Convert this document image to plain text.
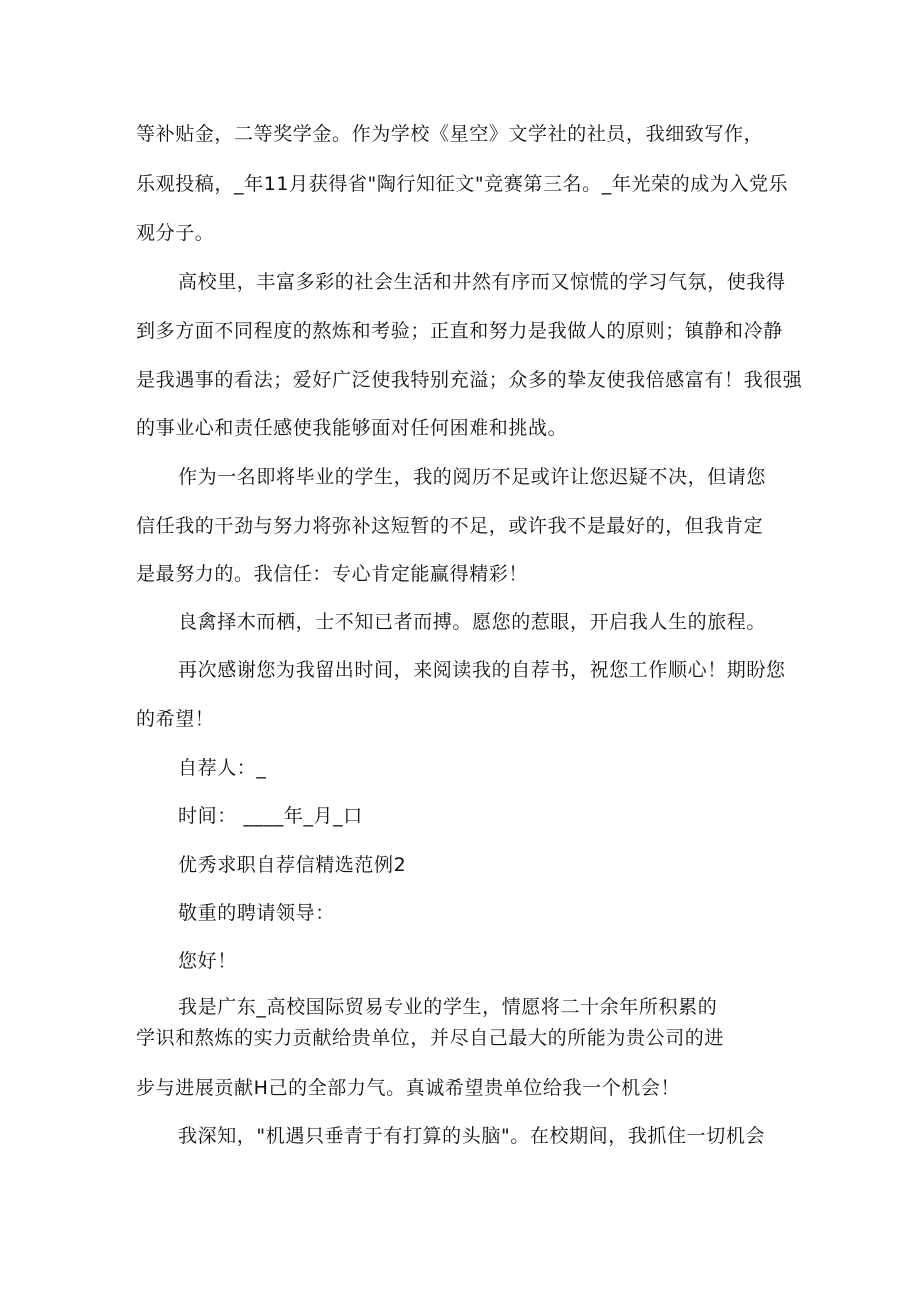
等补贴金，二等奖学金。作为学校《星空》文学社的社员，我细致写作，
乐观投稿，_年11月获得省"陶行知征文"竞赛第三名。_年光荣的成为入党乐
观分子。
高校里，丰富多彩的社会生活和井然有序而又惊慌的学习气氛，使我得
到多方面不同程度的熬炼和考验；正直和努力是我做人的原则；镇静和冷静
是我遇事的看法；爱好广泛使我特别充溢；众多的挚友使我倍感富有！我很强
的事业心和责任感使我能够面对任何困难和挑战。
作为一名即将毕业的学生，我的阅历不足或许让您迟疑不决，但请您
信任我的干劲与努力将弥补这短暂的不足，或许我不是最好的，但我肯定
是最努力的。我信任：专心肯定能赢得精彩！
良禽择木而栖，士不知已者而搏。愿您的惹眼，开启我人生的旅程。
再次感谢您为我留出时间，来阅读我的自荐书，祝您工作顺心！期盼您
的希望！
自荐人：_
时间： ____年_月_口
优秀求职自荐信精选范例2
敬重的聘请领导：
您好！
我是广东_高校国际贸易专业的学生，情愿将二十余年所积累的
学识和熬炼的实力贡献给贵单位，并尽自己最大的所能为贵公司的进
步与进展贡献H己的全部力气。真诚希望贵单位给我一个机会！
我深知，"机遇只垂青于有打算的头脑"。在校期间，我抓住一切机会
